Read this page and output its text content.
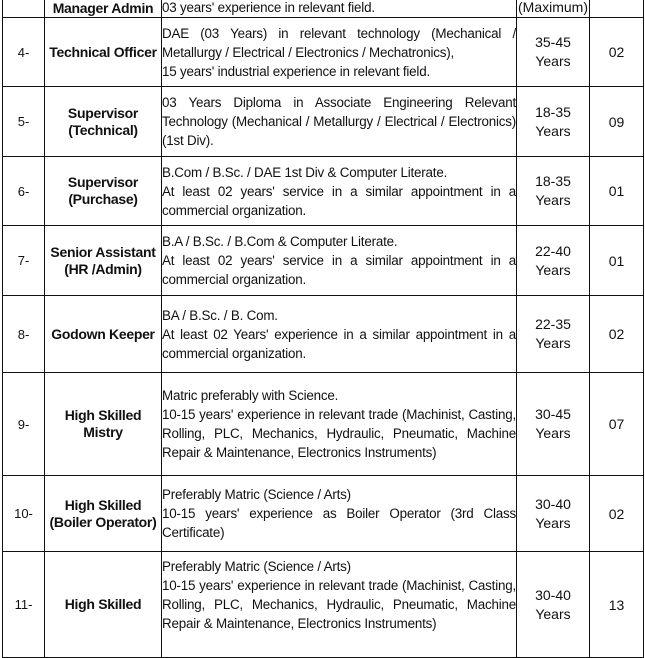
	Manager Admin	03 years' experience in relevant field.	(Maximum)	
4-	Technical Officer	DAE (03 Years) in relevant technology (Mechanical / Metallurgy / Electrical / Electronics / Mechatronics),
15 years' industrial experience in relevant field.	35-45 Years	02
5-	Supervisor (Technical)	03 Years Diploma in Associate Engineering Relevant Technology (Mechanical / Metallurgy / Electrical / Electronics) (1st Div).	18-35 Years	09
6-	Supervisor (Purchase)	B.Com / B.Sc. / DAE 1st Div & Computer Literate.
At least 02 years' service in a similar appointment in a commercial organization.	18-35 Years	01
7-	Senior Assistant (HR /Admin)	B.A / B.Sc. / B.Com & Computer Literate.
At least 02 years' service in a similar appointment in a commercial organization.	22-40 Years	01
8-	Godown Keeper	BA / B.Sc. / B. Com.
At least 02 Years' experience in a similar appointment in a commercial organization.	22-35 Years	02
9-	High Skilled Mistry	Matric preferably with Science.
10-15 years' experience in relevant trade (Machinist, Casting, Rolling, PLC, Mechanics, Hydraulic, Pneumatic, Machine Repair & Maintenance, Electronics Instruments)	30-45 Years	07
10-	High Skilled (Boiler Operator)	Preferably Matric (Science / Arts)
10-15 years' experience as Boiler Operator (3rd Class Certificate)	30-40 Years	02
11-	High Skilled	Preferably Matric (Science / Arts)
10-15 years' experience in relevant trade (Machinist, Casting, Rolling, PLC, Mechanics, Hydraulic, Pneumatic, Machine Repair & Maintenance, Electronics Instruments)	30-40 Years	13
